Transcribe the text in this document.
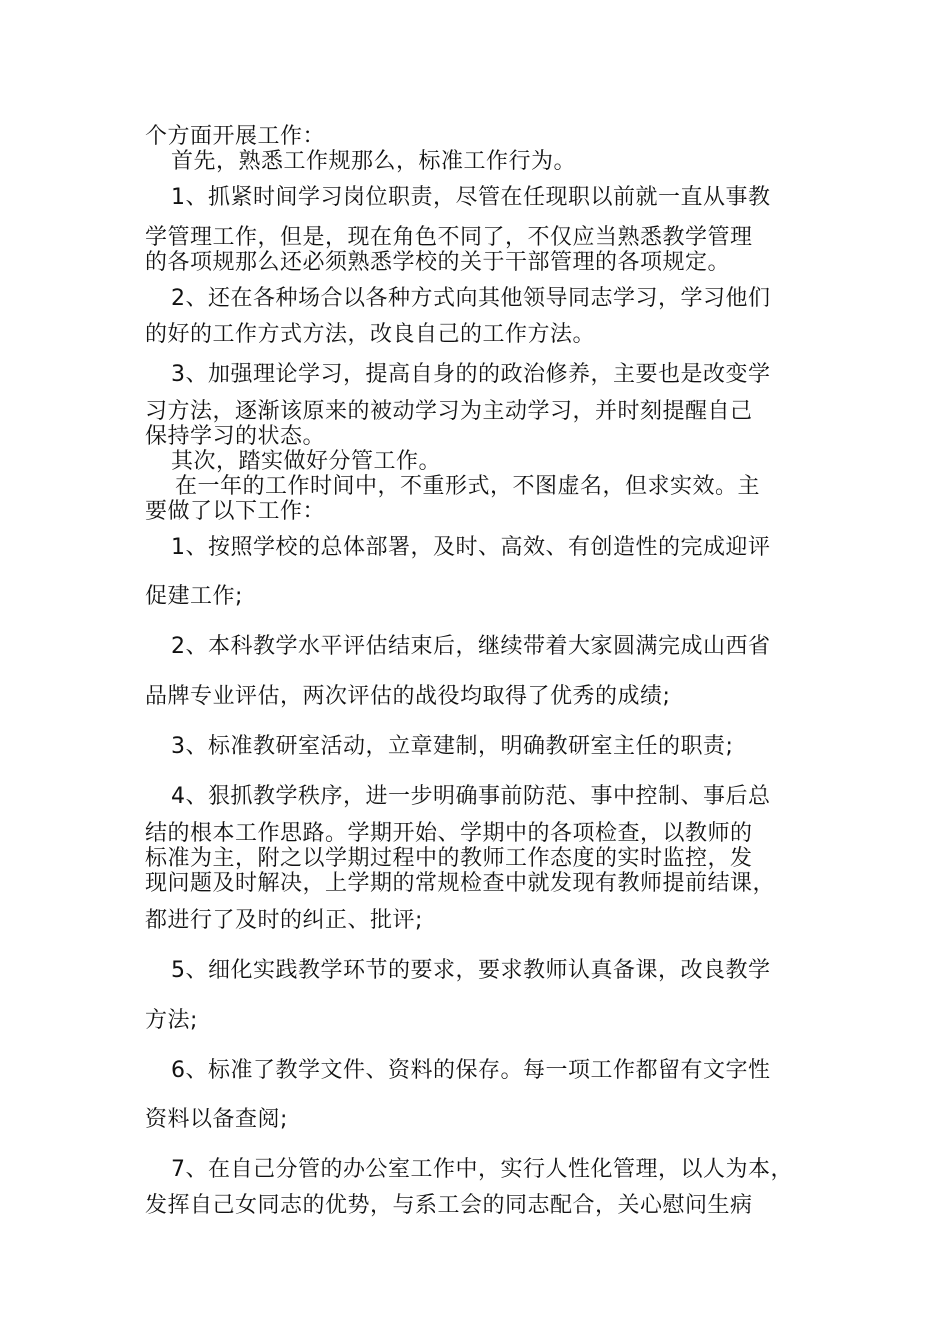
个方面开展工作：
首先，熟悉工作规那么，标准工作行为。
1、抓紧时间学习岗位职责，尽管在任现职以前就一直从事教
学管理工作，但是，现在角色不同了，不仅应当熟悉教学管理
的各项规那么还必须熟悉学校的关于干部管理的各项规定。
2、还在各种场合以各种方式向其他领导同志学习，学习他们
的好的工作方式方法，改良自己的工作方法。
3、加强理论学习，提高自身的的政治修养，主要也是改变学
习方法，逐渐该原来的被动学习为主动学习，并时刻提醒自己
保持学习的状态。
其次，踏实做好分管工作。
在一年的工作时间中，不重形式，不图虚名，但求实效。主
要做了以下工作：
1、按照学校的总体部署，及时、高效、有创造性的完成迎评
促建工作;
2、本科教学水平评估结束后，继续带着大家圆满完成山西省
品牌专业评估，两次评估的战役均取得了优秀的成绩;
3、标准教研室活动，立章建制，明确教研室主任的职责;
4、狠抓教学秩序，进一步明确事前防范、事中控制、事后总
结的根本工作思路。学期开始、学期中的各项检查，以教师的
标准为主，附之以学期过程中的教师工作态度的实时监控，发
现问题及时解决，上学期的常规检查中就发现有教师提前结课，
都进行了及时的纠正、批评;
5、细化实践教学环节的要求，要求教师认真备课，改良教学
方法;
6、标准了教学文件、资料的保存。每一项工作都留有文字性
资料以备查阅;
7、在自己分管的办公室工作中，实行人性化管理，以人为本，
发挥自己女同志的优势，与系工会的同志配合，关心慰问生病
